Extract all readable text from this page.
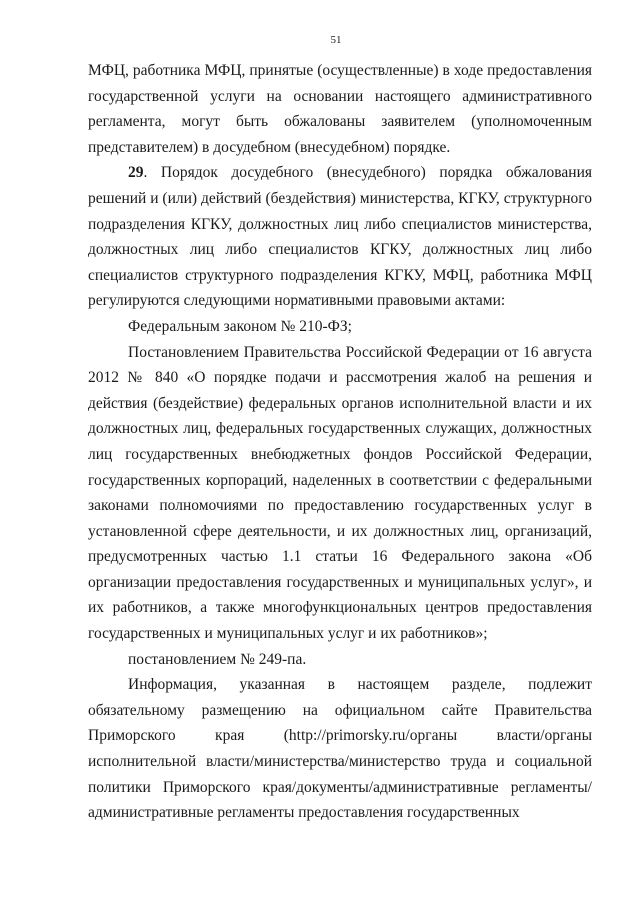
51

МФЦ, работника МФЦ, принятые (осуществленные) в ходе предоставления государственной услуги на основании настоящего административного регламента, могут быть обжалованы заявителем (уполномоченным представителем) в досудебном (внесудебном) порядке.

29. Порядок досудебного (внесудебного) порядка обжалования решений и (или) действий (бездействия) министерства, КГКУ, структурного подразделения КГКУ, должностных лиц либо специалистов министерства, должностных лиц либо специалистов КГКУ, должностных лиц либо специалистов структурного подразделения КГКУ, МФЦ, работника МФЦ регулируются следующими нормативными правовыми актами:

Федеральным законом № 210-ФЗ;

Постановлением Правительства Российской Федерации от 16 августа 2012 № 840 «О порядке подачи и рассмотрения жалоб на решения и действия (бездействие) федеральных органов исполнительной власти и их должностных лиц, федеральных государственных служащих, должностных лиц государственных внебюджетных фондов Российской Федерации, государственных корпораций, наделенных в соответствии с федеральными законами полномочиями по предоставлению государственных услуг в установленной сфере деятельности, и их должностных лиц, организаций, предусмотренных частью 1.1 статьи 16 Федерального закона «Об организации предоставления государственных и муниципальных услуг», и их работников, а также многофункциональных центров предоставления государственных и муниципальных услуг и их работников»;

постановлением № 249-па.

Информация, указанная в настоящем разделе, подлежит обязательному размещению на официальном сайте Правительства Приморского края (http://primorsky.ru/органы власти/органы исполнительной власти/министерства/министерство труда и социальной политики Приморского края/документы/административные регламенты/административные регламенты предоставления государственных
